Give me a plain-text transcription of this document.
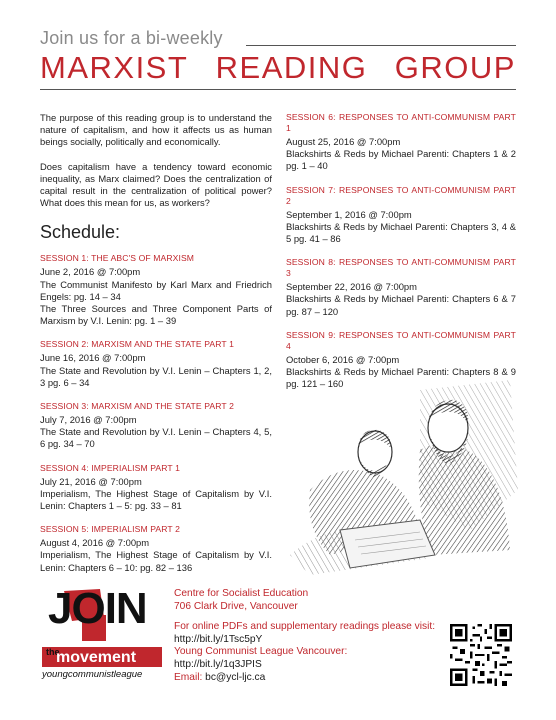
Join us for a bi-weekly
MARXIST READING GROUP

The purpose of this reading group is to understand the nature of capitalism, and how it affects us as human beings socially, politically and economically.

Does capitalism have a tendency toward economic inequality, as Marx claimed? Does the centralization of capital result in the centralization of political power? What does this mean for us, as workers?

Schedule:
SESSION 1: THE ABC'S OF MARXISM
June 2, 2016 @ 7:00pm
The Communist Manifesto by Karl Marx and Friedrich Engels: pg. 14 – 34
The Three Sources and Three Component Parts of Marxism by V.I. Lenin: pg. 1 – 39
SESSION 2: MARXISM AND THE STATE PART 1
June 16, 2016 @ 7:00pm
The State and Revolution by V.I. Lenin – Chapters 1, 2, 3 pg. 6 – 34
SESSION 3: MARXISM AND THE STATE PART 2
July 7, 2016 @ 7:00pm
The State and Revolution by V.I. Lenin – Chapters 4, 5, 6 pg. 34 – 70
SESSION 4: IMPERIALISM PART 1
July 21, 2016 @ 7:00pm
Imperialism, The Highest Stage of Capitalism by V.I. Lenin: Chapters 1 – 5: pg. 33 – 81
SESSION 5: IMPERIALISM PART 2
August 4, 2016 @ 7:00pm
Imperialism, The Highest Stage of Capitalism by V.I. Lenin: Chapters 6 – 10: pg. 82 – 136
SESSION 6: RESPONSES TO ANTI-COMMUNISM PART 1
August 25, 2016 @ 7:00pm
Blackshirts & Reds by Michael Parenti: Chapters 1 & 2 pg. 1 – 40
SESSION 7: RESPONSES TO ANTI-COMMUNISM PART 2
September 1, 2016 @ 7:00pm
Blackshirts & Reds by Michael Parenti: Chapters 3, 4 & 5 pg. 41 – 86
SESSION 8: RESPONSES TO ANTI-COMMUNISM PART 3
September 22, 2016 @ 7:00pm
Blackshirts & Reds by Michael Parenti: Chapters 6 & 7 pg. 87 – 120
SESSION 9: RESPONSES TO ANTI-COMMUNISM PART 4
October 6, 2016 @ 7:00pm
Blackshirts & Reds by Michael Parenti: Chapters 8 & 9 pg. 121 – 160
JOIN
the
movement
youngcommunistleague
Centre for Socialist Education
706 Clark Drive, Vancouver
For online PDFs and supplementary readings please visit:
http://bit.ly/1Tsc5pY
Young Communist League Vancouver:
http://bit.ly/1q3JPIS
Email: bc@ycl-ljc.ca
